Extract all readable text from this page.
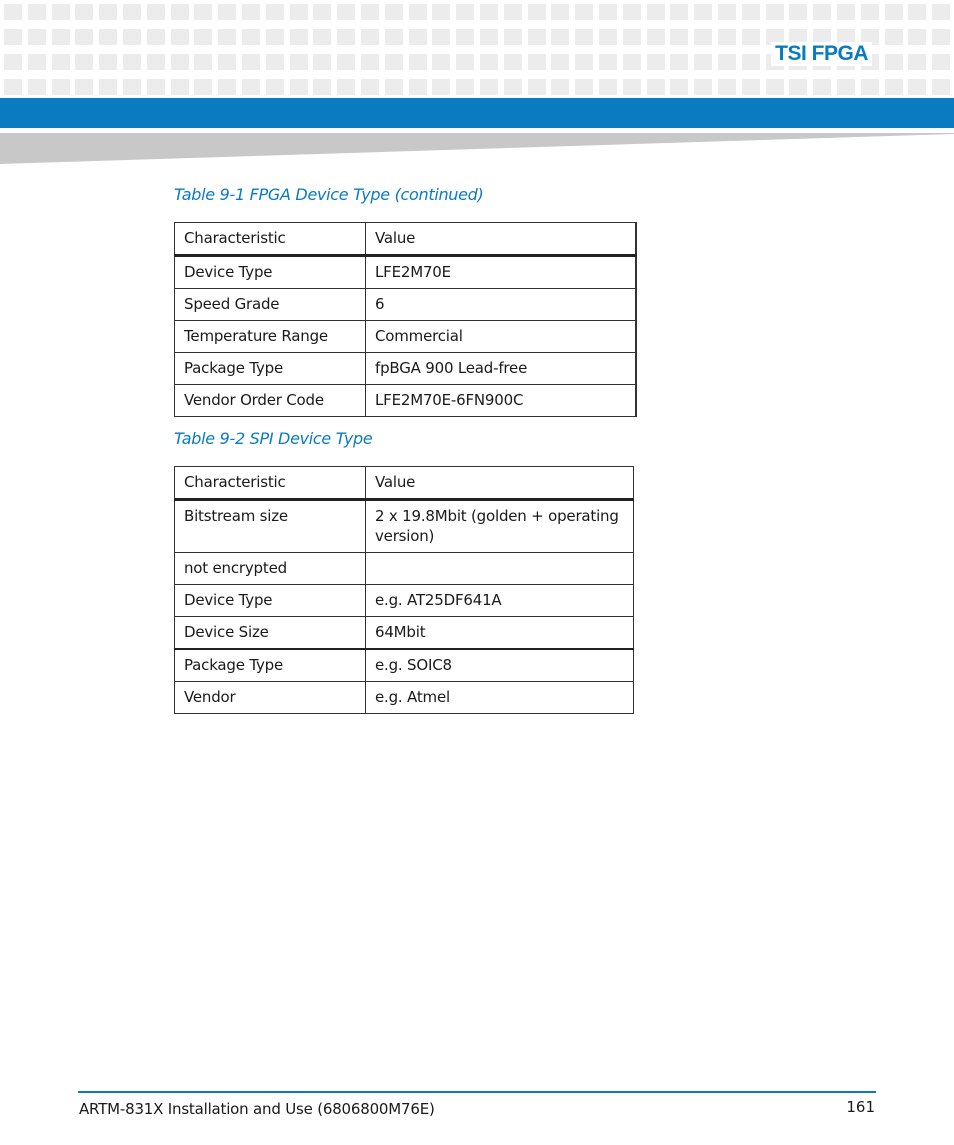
TSI FPGA
Table 9-1 FPGA Device Type (continued)
Characteristic	Value
Device Type	LFE2M70E
Speed Grade	6
Temperature Range	Commercial
Package Type	fpBGA 900 Lead-free
Vendor Order Code	LFE2M70E-6FN900C
Table 9-2 SPI Device Type
Characteristic	Value
Bitstream size	2 x 19.8Mbit (golden + operating version)
not encrypted	
Device Type	e.g. AT25DF641A
Device Size	64Mbit
Package Type	e.g. SOIC8
Vendor	e.g. Atmel
ARTM-831X Installation and Use (6806800M76E)	161
